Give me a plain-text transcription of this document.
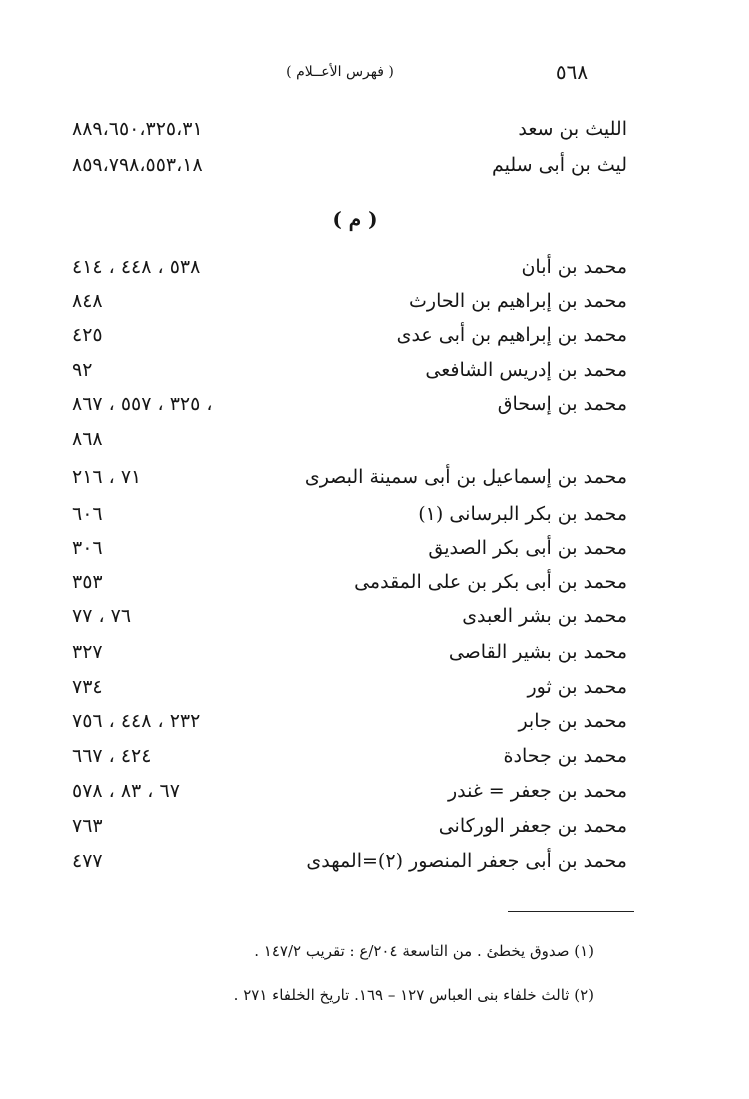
٥٦٨
( فهرس الأعــلام )
الليث بن سعد
٨٨٩،٦٥٠،٣٢٥،٣١
ليث بن أبى سليم
٨٥٩،٧٩٨،٥٥٣،١٨
( م )
محمد بن أبان
٥٣٨ ، ٤٤٨ ، ٤١٤
محمد بن إبراهيم بن الحارث
٨٤٨
محمد بن إبراهيم بن أبى عدى
٤٢٥
محمد بن إدريس الشافعى
٩٢
محمد بن إسحاق
٣٢٥ ، ٥٥٧ ، ٨٦٧ ،
٨٦٨
محمد بن إسماعيل بن أبى سمينة البصرى
٧١ ، ٢١٦
محمد بن بكر البرسانى (١)
٦٠٦
محمد بن أبى بكر الصديق
٣٠٦
محمد بن أبى بكر بن على المقدمى
٣٥٣
محمد بن بشر العبدى
٧٦ ، ٧٧
محمد بن بشير القاصى
٣٢٧
محمد بن ثور
٧٣٤
محمد بن جابر
٢٣٢ ، ٤٤٨ ، ٧٥٦
محمد بن جحادة
٤٢٤ ، ٦٦٧
محمد بن جعفر = غندر
٦٧ ، ٨٣ ، ٥٧٨
محمد بن جعفر الوركانى
٧٦٣
محمد بن أبى جعفر المنصور (٢)=المهدى
٤٧٧
(١) صدوق يخطئ . من التاسعة ٢٠٤/ع : تقريب ١٤٧/٢ .
(٢) ثالث خلفاء بنى العباس ١٢٧ – ١٦٩. تاريخ الخلفاء ٢٧١ .
